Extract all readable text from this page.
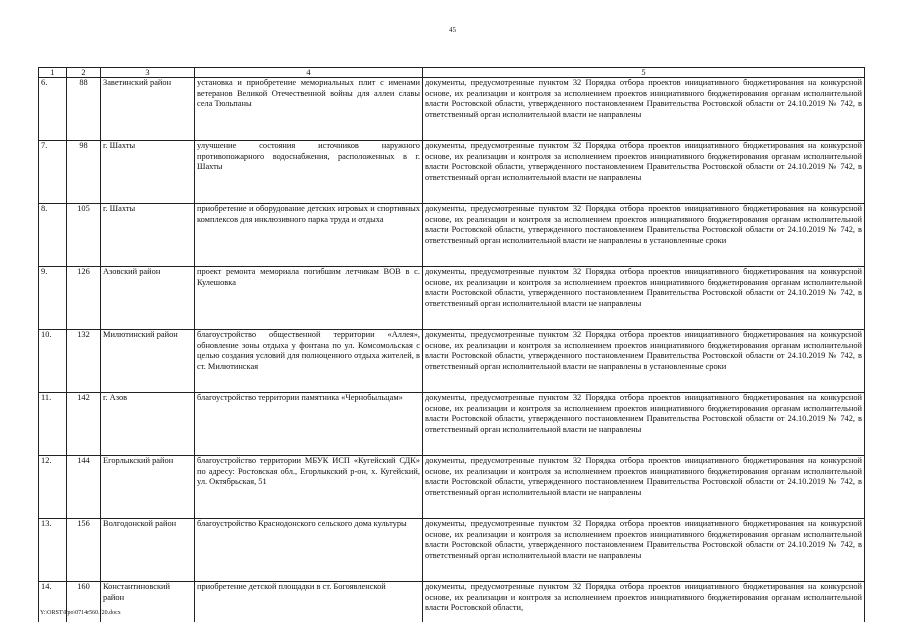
45
1	2	3	4	5
6.	88	Заветинский район	установка и приобретение мемориальных плит с именами ветеранов Великой Отечественной войны для аллеи славы села Тюльпаны	документы, предусмотренные пунктом 32 Порядка отбора проектов инициативного бюджетирования на конкурсной основе, их реализации и контроля за исполнением проектов инициативного бюджетирования органам исполнительной власти Ростовской области, утвержденного постановлением Правительства Ростовской области от 24.10.2019 № 742, в ответственный орган исполнительной власти не направлены
7.	98	г. Шахты	улучшение состояния источников наружного противопожарного водоснабжения, расположенных в г. Шахты	документы, предусмотренные пунктом 32 Порядка отбора проектов инициативного бюджетирования на конкурсной основе, их реализации и контроля за исполнением проектов инициативного бюджетирования органам исполнительной власти Ростовской области, утвержденного постановлением Правительства Ростовской области от 24.10.2019 № 742, в ответственный орган исполнительной власти не направлены
8.	105	г. Шахты	приобретение и оборудование детских игровых и спортивных комплексов для инклюзивного парка труда и отдыха	документы, предусмотренные пунктом 32 Порядка отбора проектов инициативного бюджетирования на конкурсной основе, их реализации и контроля за исполнением проектов инициативного бюджетирования органам исполнительной власти Ростовской области, утвержденного постановлением Правительства Ростовской области от 24.10.2019 № 742, в ответственный орган исполнительной власти не направлены в установленные сроки
9.	126	Азовский район	проект ремонта мемориала погибшим летчикам ВОВ в с. Кулешовка	документы, предусмотренные пунктом 32 Порядка отбора проектов инициативного бюджетирования на конкурсной основе, их реализации и контроля за исполнением проектов инициативного бюджетирования органам исполнительной власти Ростовской области, утвержденного постановлением Правительства Ростовской области от 24.10.2019 № 742, в ответственный орган исполнительной власти не направлены
10.	132	Милютинский район	благоустройство общественной территории «Аллея», обновление зоны отдыха у фонтана по ул. Комсомольская с целью создания условий для полноценного отдыха жителей, в ст. Милютинская	документы, предусмотренные пунктом 32 Порядка отбора проектов инициативного бюджетирования на конкурсной основе, их реализации и контроля за исполнением проектов инициативного бюджетирования органам исполнительной власти Ростовской области, утвержденного постановлением Правительства Ростовской области от 24.10.2019 № 742, в ответственный орган исполнительной власти не направлены в установленные сроки
11.	142	г. Азов	благоустройство территории памятника «Чернобыльцам»	документы, предусмотренные пунктом 32 Порядка отбора проектов инициативного бюджетирования на конкурсной основе, их реализации и контроля за исполнением проектов инициативного бюджетирования органам исполнительной власти Ростовской области, утвержденного постановлением Правительства Ростовской области от 24.10.2019 № 742, в ответственный орган исполнительной власти не направлены
12.	144	Егорлыкский район	благоустройство территории МБУК ИСП «Кугейский СДК» по адресу: Ростовская обл., Егорлыкский р-он, х. Кугейский, ул. Октябрьская, 51	документы, предусмотренные пунктом 32 Порядка отбора проектов инициативного бюджетирования на конкурсной основе, их реализации и контроля за исполнением проектов инициативного бюджетирования органам исполнительной власти Ростовской области, утвержденного постановлением Правительства Ростовской области от 24.10.2019 № 742, в ответственный орган исполнительной власти не направлены
13.	156	Волгодонской район	благоустройство Краснодонского сельского дома культуры	документы, предусмотренные пунктом 32 Порядка отбора проектов инициативного бюджетирования на конкурсной основе, их реализации и контроля за исполнением проектов инициативного бюджетирования органам исполнительной власти Ростовской области, утвержденного постановлением Правительства Ростовской области от 24.10.2019 № 742, в ответственный орган исполнительной власти не направлены
14.	160	Константиновский район	приобретение детской площадки в ст. Богоявленской	документы, предусмотренные пунктом 32 Порядка отбора проектов инициативного бюджетирования на конкурсной основе, их реализации и контроля за исполнением проектов инициативного бюджетирования органам исполнительной власти Ростовской области,
Y:\ORST\Ppo\0714r560.f20.docx
